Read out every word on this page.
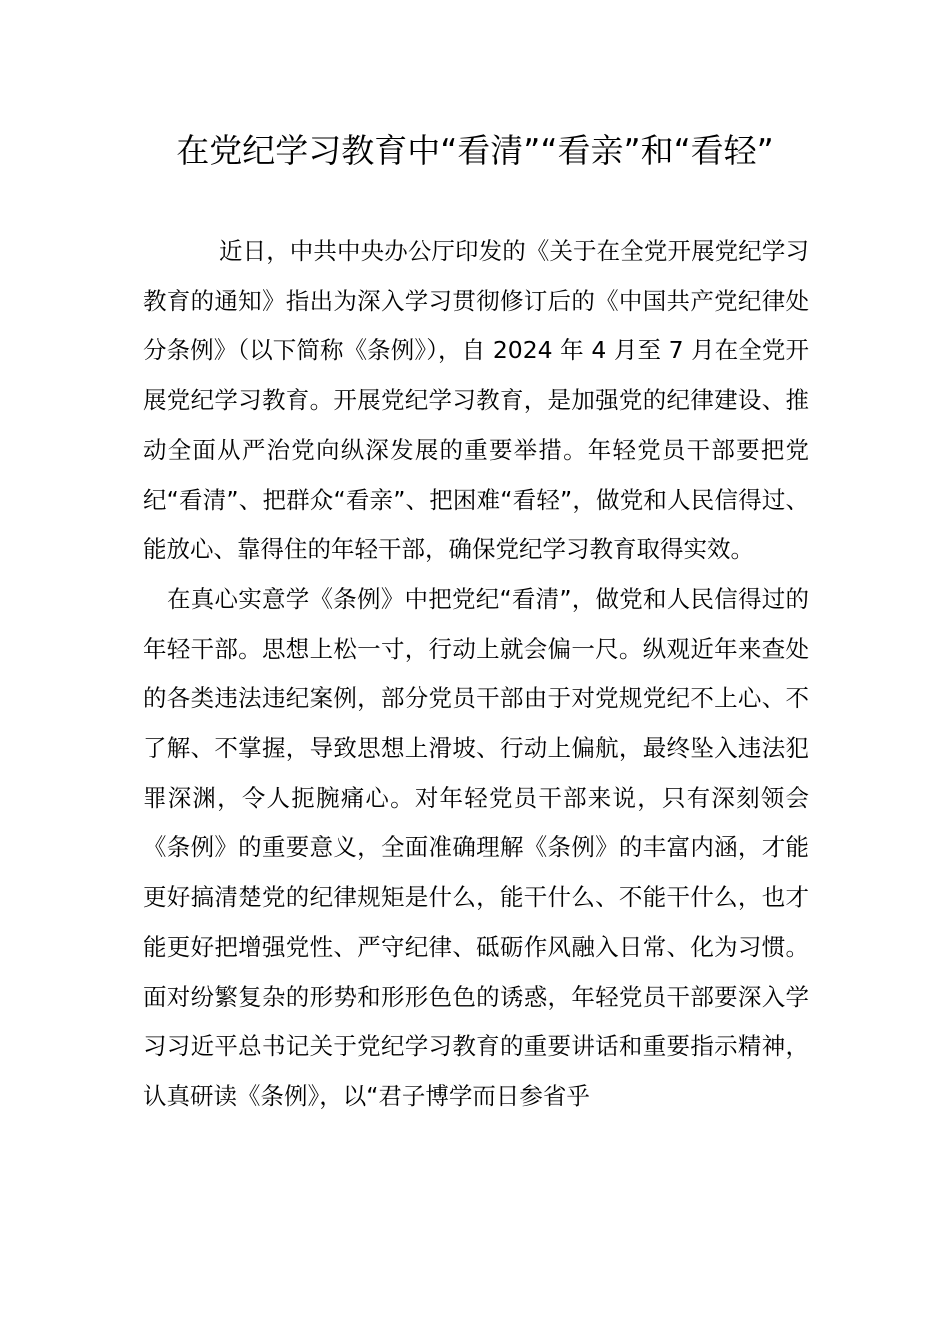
在党纪学习教育中“看清”“看亲”和“看轻”

近日，中共中央办公厅印发的《关于在全党开展党纪学习教育的通知》指出为深入学习贯彻修订后的《中国共产党纪律处分条例》（以下简称《条例》），自 2024 年 4 月至 7 月在全党开展党纪学习教育。开展党纪学习教育，是加强党的纪律建设、推动全面从严治党向纵深发展的重要举措。年轻党员干部要把党纪“看清”、把群众“看亲”、把困难“看轻”，做党和人民信得过、能放心、靠得住的年轻干部，确保党纪学习教育取得实效。

在真心实意学《条例》中把党纪“看清”，做党和人民信得过的年轻干部。思想上松一寸，行动上就会偏一尺。纵观近年来查处的各类违法违纪案例，部分党员干部由于对党规党纪不上心、不了解、不掌握，导致思想上滑坡、行动上偏航，最终坠入违法犯罪深渊，令人扼腕痛心。对年轻党员干部来说，只有深刻领会《条例》的重要意义，全面准确理解《条例》的丰富内涵，才能更好搞清楚党的纪律规矩是什么，能干什么、不能干什么，也才能更好把增强党性、严守纪律、砥砺作风融入日常、化为习惯。面对纷繁复杂的形势和形形色色的诱惑，年轻党员干部要深入学习习近平总书记关于党纪学习教育的重要讲话和重要指示精神，认真研读《条例》，以“君子博学而日参省乎
